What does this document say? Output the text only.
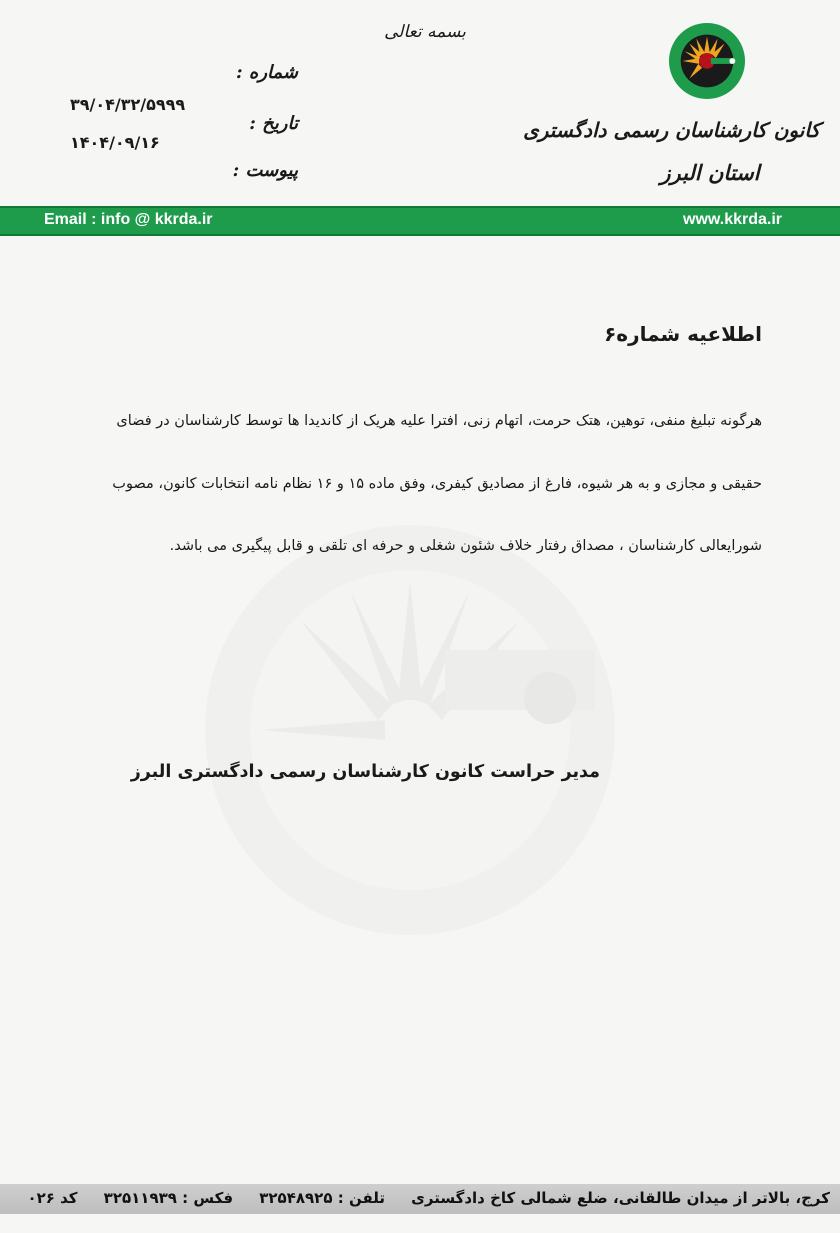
بسمه تعالی
کانون کارشناسان رسمی دادگستری
استان البرز
شماره :
۳۹/۰۴/۳۲/۵۹۹۹
تاریخ :
۱۴۰۴/۰۹/۱۶
پیوست :
Email : info @ kkrda.ir	www.kkrda.ir
اطلاعیه شماره۶
هرگونه تبلیغ منفی، توهین، هتک حرمت، اتهام زنی، افترا علیه هریک از کاندیدا ها توسط کارشناسان در فضای
حقیقی و مجازی و به هر شیوه، فارغ از مصادیق کیفری، وفق ماده ۱۵ و ۱۶ نظام نامه انتخابات کانون، مصوب
شورایعالی کارشناسان ، مصداق رفتار خلاف شئون شغلی و حرفه ای تلقی و قابل پیگیری می باشد.
مدیر حراست کانون کارشناسان رسمی دادگستری البرز
کرج، بالاتر از میدان طالقانی، ضلع شمالی کاخ دادگستری     تلفن : ۳۲۵۴۸۹۲۵     فکس : ۳۲۵۱۱۹۳۹     کد ۰۲۶
